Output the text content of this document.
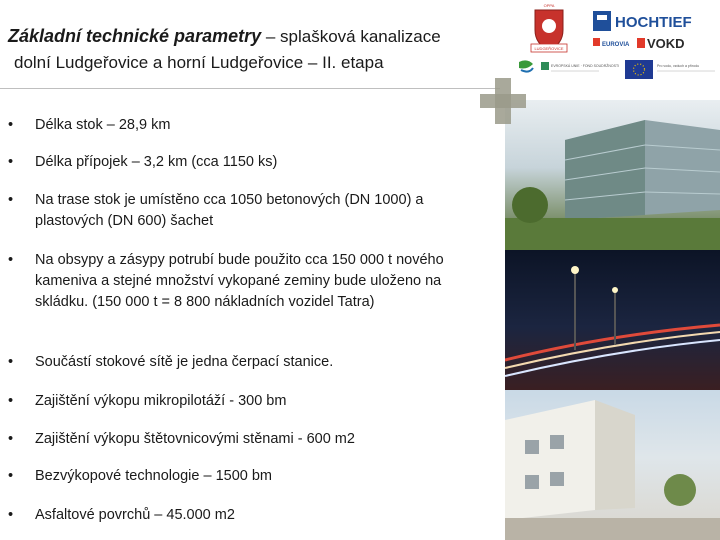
Základní technické parametry – splašková kanalizace
dolní Ludgeřovice a horní Ludgeřovice – II. etapa
•	Délka stok – 28,9 km
•	Délka přípojek – 3,2 km (cca 1150 ks)
•	Na trase stok je umístěno cca 1050 betonových (DN 1000) a plastových (DN 600) šachet
•	Na obsypy a zásypy potrubí bude použito cca 150 000 t nového kameniva a stejné množství vykopané zeminy bude uloženo na skládku. (150 000 t = 8 800 nákladních vozidel Tatra)
•	Součástí stokové sítě je jedna čerpací stanice.
•	Zajištění výkopu mikropilotáží - 300 bm
•	Zajištění výkopu štětovnicovými stěnami - 600 m2
•	Bezvýkopové technologie – 1500 bm
•	Asfaltové povrchů – 45.000 m2
OPPA
LUDGEŘOVICE
HOCHTIEF
EUROVIA VOKD
EVROPSKÁ UNIE · FOND SOUDRŽNOSTI	Pro vodu, vzduch a přírodu
